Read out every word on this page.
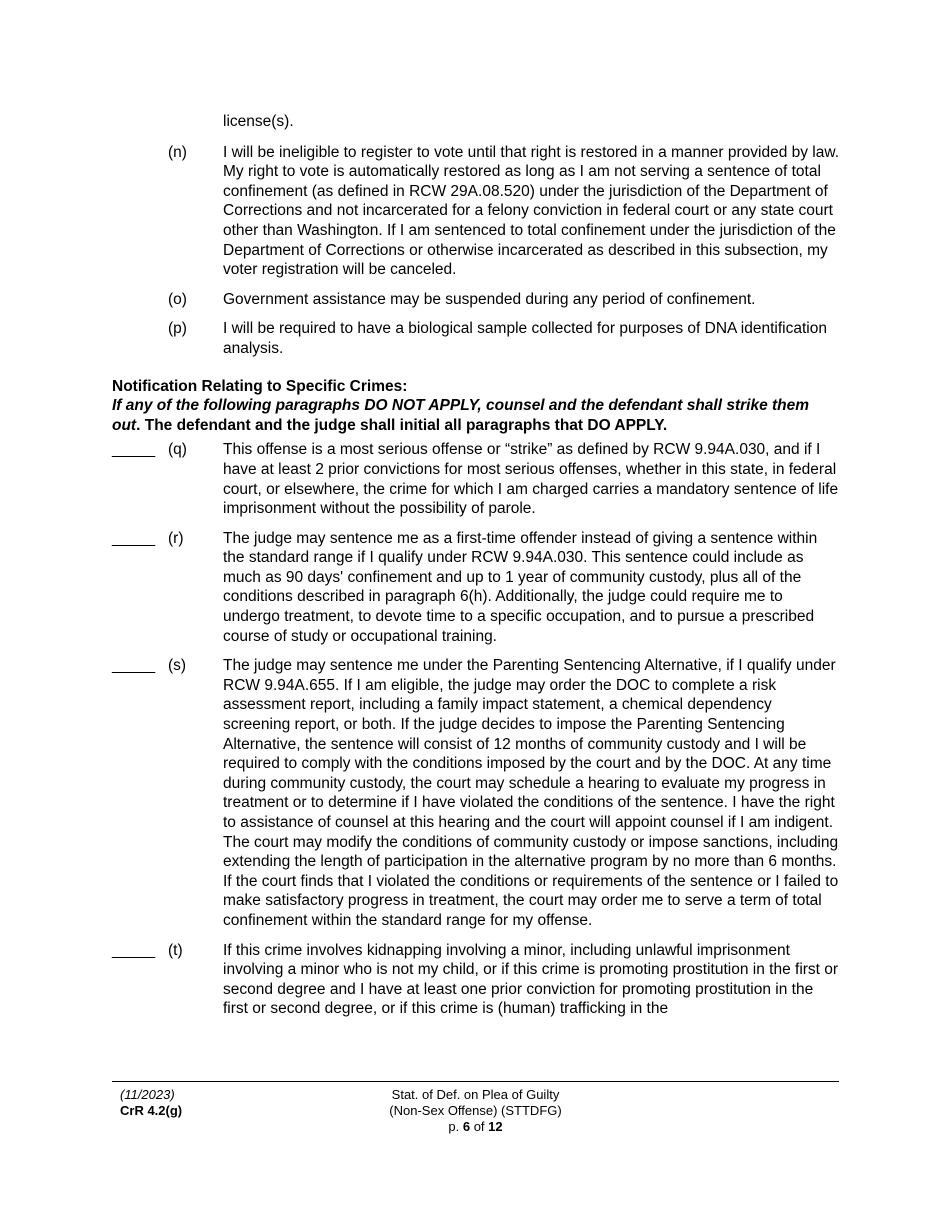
license(s).
(n)	I will be ineligible to register to vote until that right is restored in a manner provided by law. My right to vote is automatically restored as long as I am not serving a sentence of total confinement (as defined in RCW 29A.08.520) under the jurisdiction of the Department of Corrections and not incarcerated for a felony conviction in federal court or any state court other than Washington. If I am sentenced to total confinement under the jurisdiction of the Department of Corrections or otherwise incarcerated as described in this subsection, my voter registration will be canceled.
(o)	Government assistance may be suspended during any period of confinement.
(p)	I will be required to have a biological sample collected for purposes of DNA identification analysis.
Notification Relating to Specific Crimes:
If any of the following paragraphs DO NOT APPLY, counsel and the defendant shall strike them out. The defendant and the judge shall initial all paragraphs that DO APPLY.
_____ (q)	This offense is a most serious offense or “strike” as defined by RCW 9.94A.030, and if I have at least 2 prior convictions for most serious offenses, whether in this state, in federal court, or elsewhere, the crime for which I am charged carries a mandatory sentence of life imprisonment without the possibility of parole.
_____ (r)	The judge may sentence me as a first-time offender instead of giving a sentence within the standard range if I qualify under RCW 9.94A.030. This sentence could include as much as 90 days' confinement and up to 1 year of community custody, plus all of the conditions described in paragraph 6(h). Additionally, the judge could require me to undergo treatment, to devote time to a specific occupation, and to pursue a prescribed course of study or occupational training.
_____ (s)	The judge may sentence me under the Parenting Sentencing Alternative, if I qualify under RCW 9.94A.655. If I am eligible, the judge may order the DOC to complete a risk assessment report, including a family impact statement, a chemical dependency screening report, or both. If the judge decides to impose the Parenting Sentencing Alternative, the sentence will consist of 12 months of community custody and I will be required to comply with the conditions imposed by the court and by the DOC. At any time during community custody, the court may schedule a hearing to evaluate my progress in treatment or to determine if I have violated the conditions of the sentence. I have the right to assistance of counsel at this hearing and the court will appoint counsel if I am indigent. The court may modify the conditions of community custody or impose sanctions, including extending the length of participation in the alternative program by no more than 6 months. If the court finds that I violated the conditions or requirements of the sentence or I failed to make satisfactory progress in treatment, the court may order me to serve a term of total confinement within the standard range for my offense.
_____ (t)	If this crime involves kidnapping involving a minor, including unlawful imprisonment involving a minor who is not my child, or if this crime is promoting prostitution in the first or second degree and I have at least one prior conviction for promoting prostitution in the first or second degree, or if this crime is (human) trafficking in the
(11/2023)
CrR 4.2(g)
Stat. of Def. on Plea of Guilty
(Non-Sex Offense) (STTDFG)
p. 6 of 12
